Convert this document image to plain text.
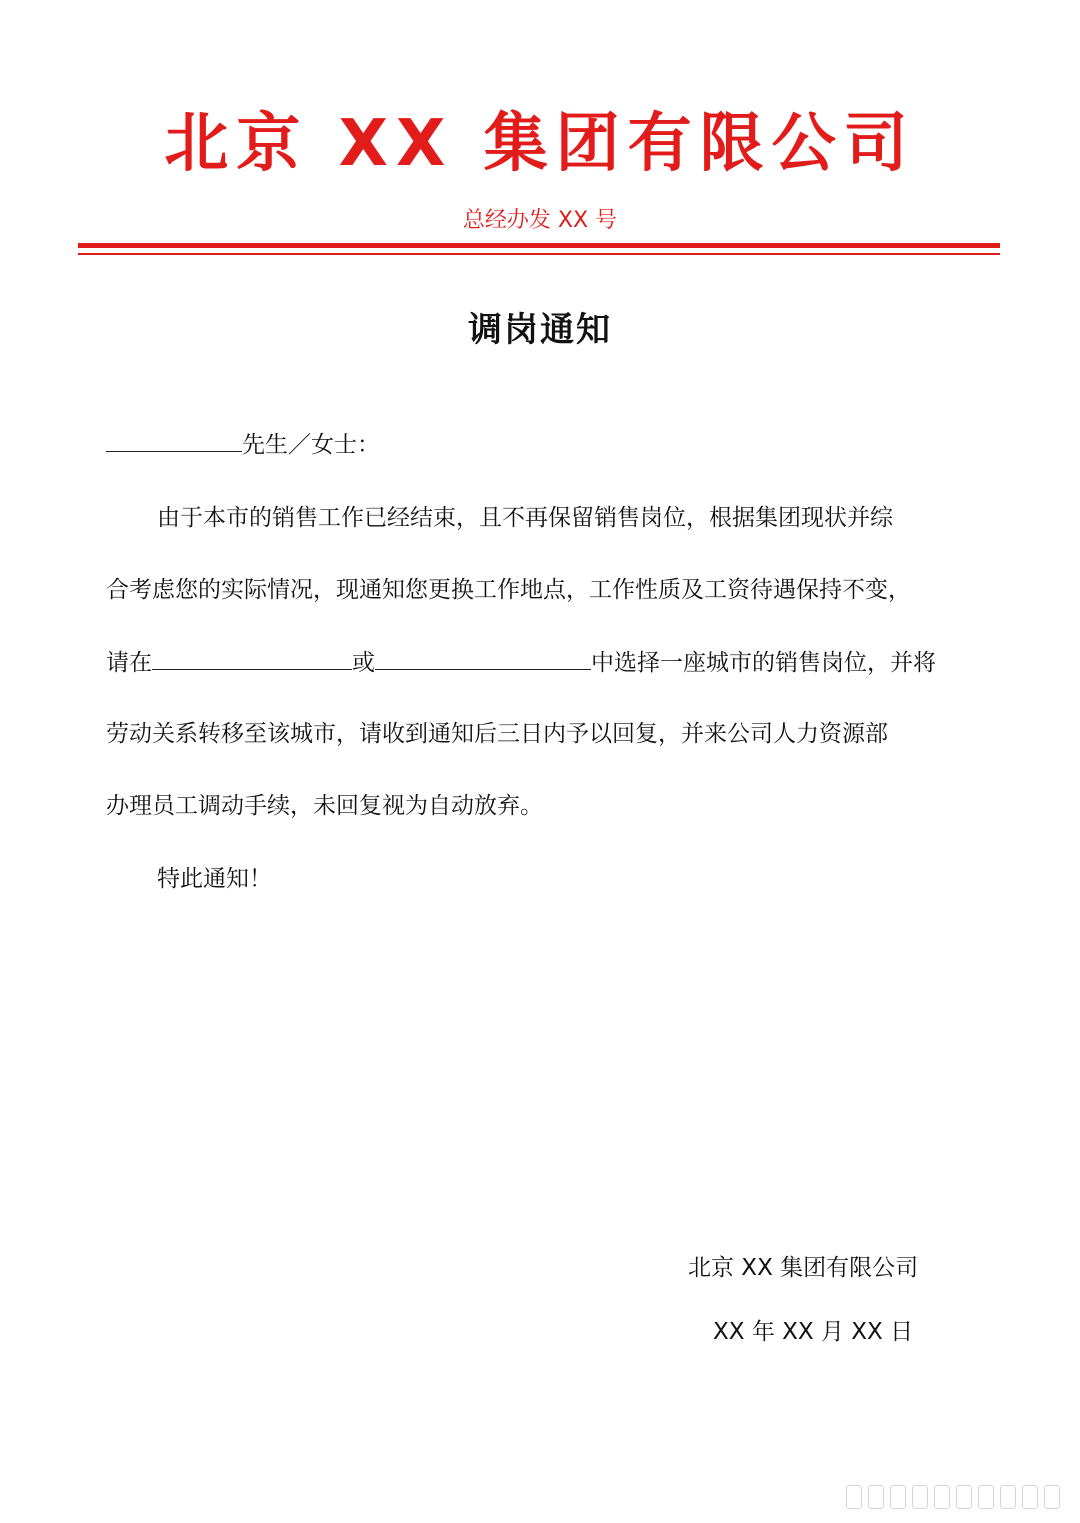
北京 XX 集团有限公司
总经办发 XX 号
调岗通知
先生／女士：
由于本市的销售工作已经结束，且不再保留销售岗位，根据集团现状并综
合考虑您的实际情况，现通知您更换工作地点，工作性质及工资待遇保持不变，
请在	或	中选择一座城市的销售岗位，并将
劳动关系转移至该城市，请收到通知后三日内予以回复，并来公司人力资源部
办理员工调动手续，未回复视为自动放弃。
特此通知！
北京 XX 集团有限公司
XX 年 XX 月 XX 日
